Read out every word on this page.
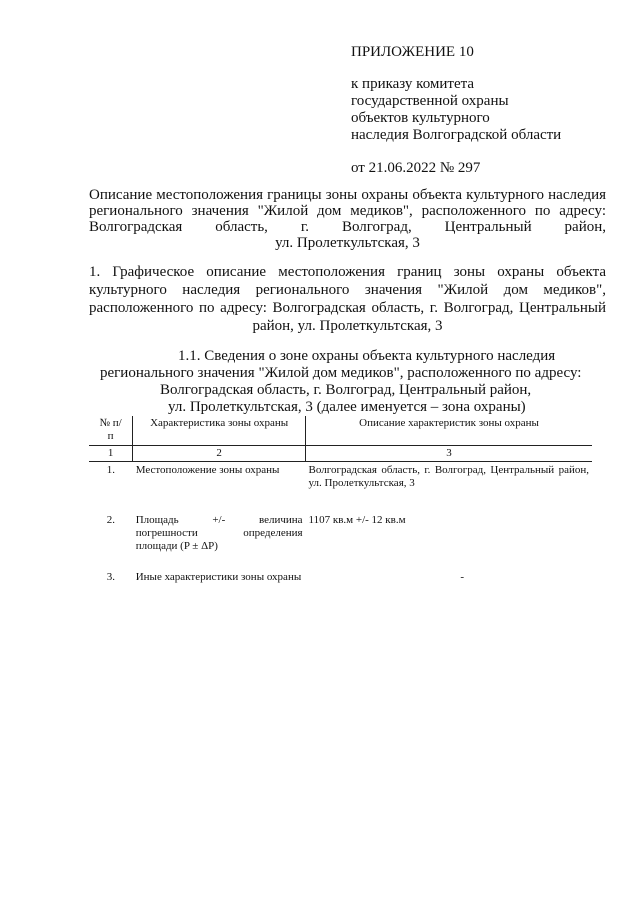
ПРИЛОЖЕНИЕ 10

к приказу комитета
государственной охраны
объектов культурного
наследия Волгоградской области

от 21.06.2022 № 297

Описание местоположения границы зоны охраны объекта культурного наследия
регионального значения "Жилой дом медиков", расположенного по адресу:
Волгоградская область, г. Волгоград, Центральный район,
ул. Пролеткультская, 3
1. Графическое описание местоположения границ зоны охраны объекта
культурного наследия регионального значения "Жилой дом медиков",
расположенного по адресу: Волгоградская область, г. Волгоград, Центральный
район, ул. Пролеткультская, 3
1.1. Сведения о зоне охраны объекта культурного наследия
регионального значения "Жилой дом медиков", расположенного по адресу:
Волгоградская область, г. Волгоград, Центральный район,
ул. Пролеткультская, 3 (далее именуется – зона охраны)
№ п/п	Характеристика зоны охраны	Описание характеристик зоны охраны
1	2	3
1.	Местоположение зоны охраны	Волгоградская область, г. Волгоград, Центральный район, ул. Пролеткультская, 3
2.	Площадь +/- величина погрешности определения площади (P ± ΔP)	1107 кв.м +/- 12 кв.м
3.	Иные характеристики зоны охраны	-
